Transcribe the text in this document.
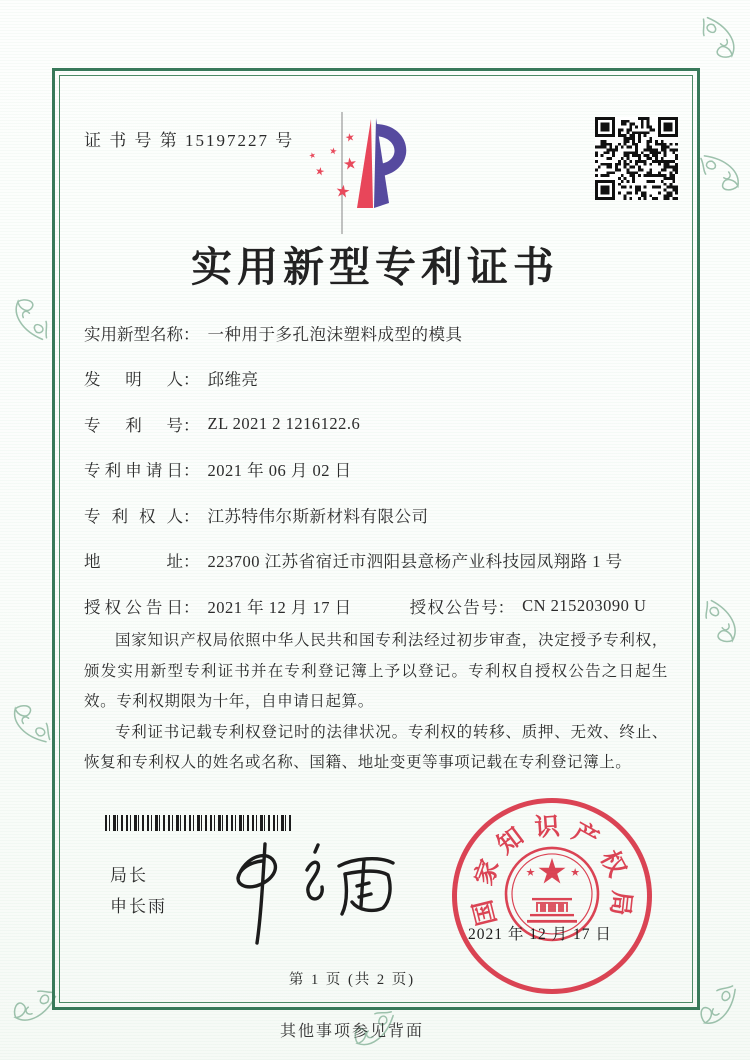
证 书 号 第 15197227 号	★
★
★
★
★
★
实用新型专利证书
实用新型名称 ： 一种用于多孔泡沫塑料成型的模具
发明人 ： 邱维亮
专利号 ： ZL 2021 2 1216122.6
专利申请日 ： 2021 年 06 月 02 日
专利权人 ： 江苏特伟尔斯新材料有限公司
地址 ： 223700 江苏省宿迁市泗阳县意杨产业科技园凤翔路 1 号
授权公告日 ： 2021 年 12 月 17 日	授权公告号 ： CN 215203090 U

国家知识产权局依照中华人民共和国专利法经过初步审查，决定授予专利权，颁发实用新型专利证书并在专利登记簿上予以登记。专利权自授权公告之日起生效。专利权期限为十年，自申请日起算。

专利证书记载专利权登记时的法律状况。专利权的转移、质押、无效、终止、恢复和专利权人的姓名或名称、国籍、地址变更等事项记载在专利登记簿上。

局长
申长雨	国
家
知 识 产
权
局
2021 年 12 月 17 日
第 1 页 (共 2 页)
其他事项参见背面
